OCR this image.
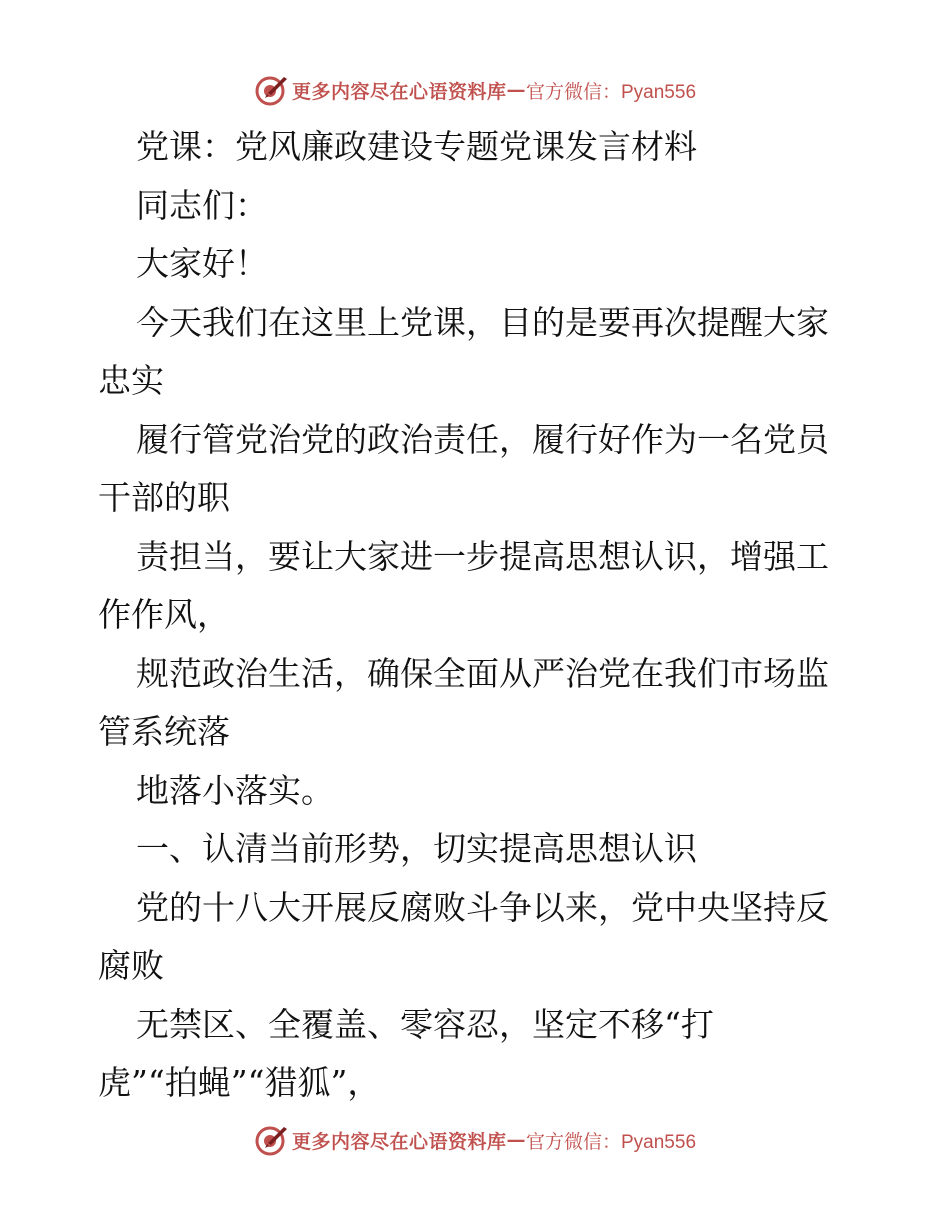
更多内容尽在心语资料库 — 官方微信：Pyan556

党课：党风廉政建设专题党课发言材料

同志们：

大家好！

今天我们在这里上党课，目的是要再次提醒大家

忠实

履行管党治党的政治责任，履行好作为一名党员

干部的职

责担当，要让大家进一步提高思想认识，增强工

作作风，

规范政治生活，确保全面从严治党在我们市场监

管系统落

地落小落实。

一、认清当前形势，切实提高思想认识

党的十八大开展反腐败斗争以来，党中央坚持反

腐败

无禁区、全覆盖、零容忍，坚定不移“打

虎”“拍蝇”“猎狐”，

更多内容尽在心语资料库 — 官方微信：Pyan556
